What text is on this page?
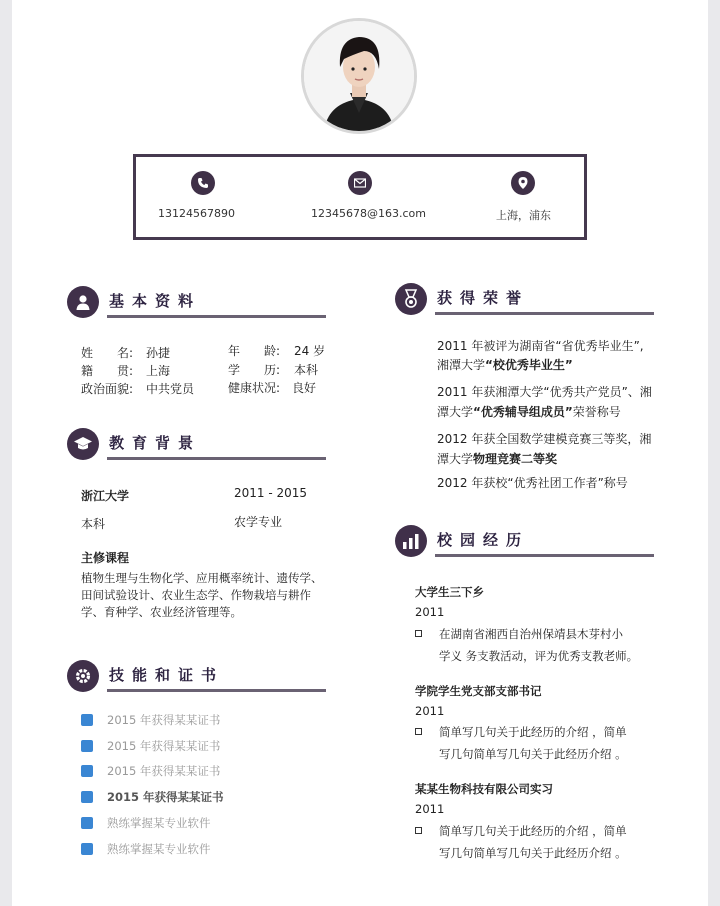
13124567890	12345678@163.com	上海，浦东
基本资料
姓　　名: 孙捷	年　　龄: 24 岁
籍　　贯: 上海	学　　历: 本科
政治面貌: 中共党员	健康状况: 良好
教育背景
浙江大学	2011 - 2015
本科	农学专业
主修课程
植物生理与生物化学、应用概率统计、遗传学、田间试验设计、农业生态学、作物栽培与耕作学、育种学、农业经济管理等。
技能和证书
2015 年获得某某证书
2015 年获得某某证书
2015 年获得某某证书
2015 年获得某某证书
熟练掌握某专业软件
熟练掌握某专业软件
获得荣誉
2011 年被评为湖南省“省优秀毕业生”,
湘潭大学“校优秀毕业生”
2011 年获湘潭大学“优秀共产党员”、湘
潭大学“优秀辅导组成员”荣誉称号
2012 年获全国数学建模竞赛三等奖，湘
潭大学物理竞赛二等奖
2012 年获校“优秀社团工作者”称号
校园经历
大学生三下乡
2011
在湖南省湘西自治州保靖县木芽村小
学义 务支教活动，评为优秀支教老师。
学院学生党支部支部书记
2011
简单写几句关于此经历的介绍 ，简单
写几句简单写几句关于此经历介绍 。
某某生物科技有限公司实习
2011
简单写几句关于此经历的介绍 ，简单
写几句简单写几句关于此经历介绍 。
